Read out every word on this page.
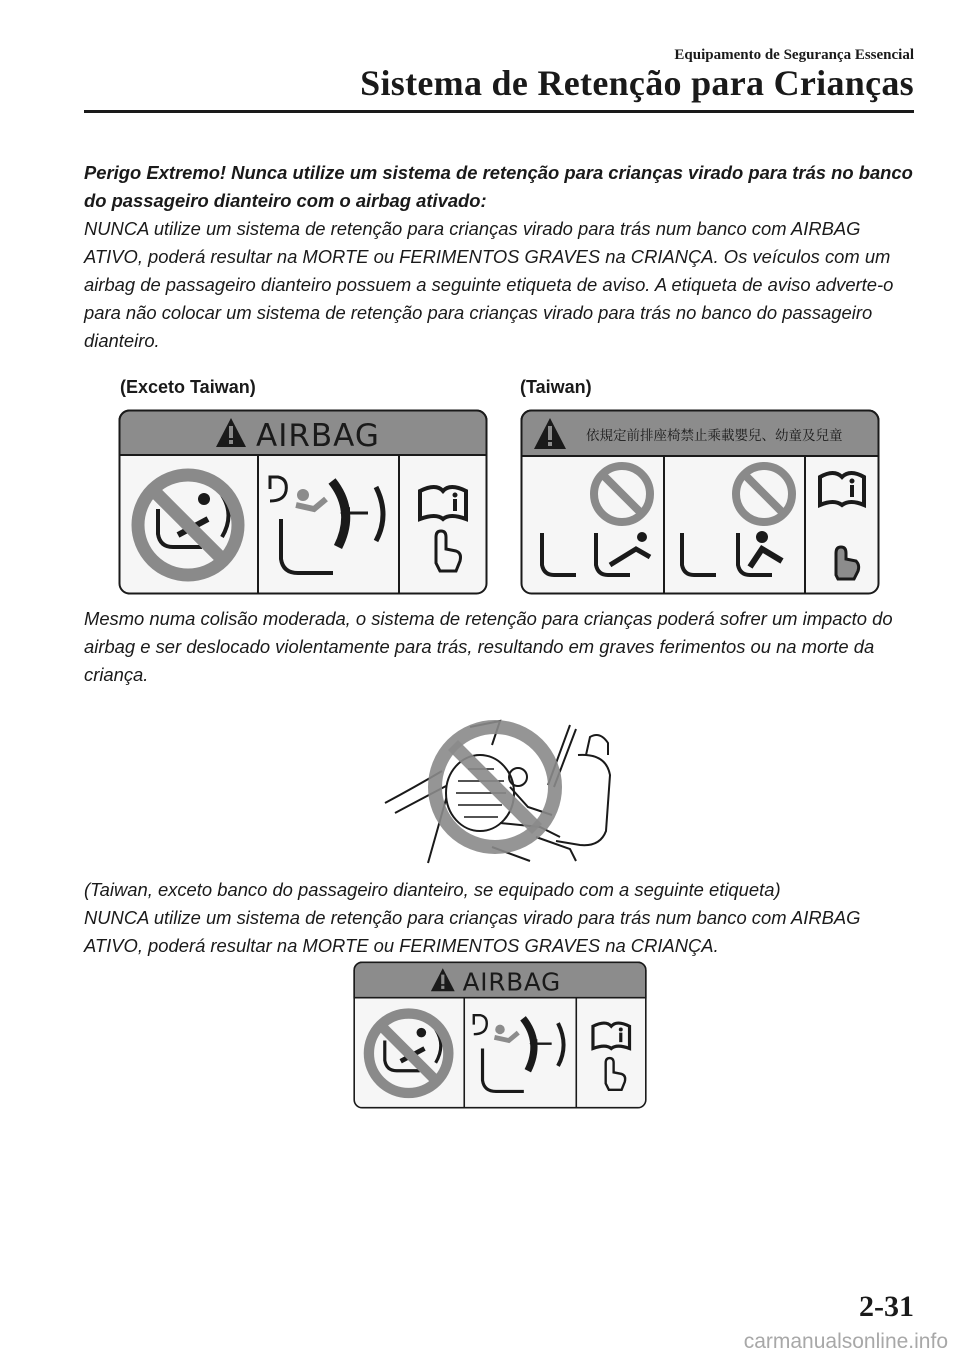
Equipamento de Segurança Essencial
Sistema de Retenção para Crianças

Perigo Extremo! Nunca utilize um sistema de retenção para crianças virado para trás no banco do passageiro dianteiro com o airbag ativado:

NUNCA utilize um sistema de retenção para crianças virado para trás num banco com AIRBAG ATIVO, poderá resultar na MORTE ou FERIMENTOS GRAVES na CRIANÇA. Os veículos com um airbag de passageiro dianteiro possuem a seguinte etiqueta de aviso. A etiqueta de aviso adverte-o para não colocar um sistema de retenção para crianças virado para trás no banco do passageiro dianteiro.

(Exceto Taiwan)	(Taiwan)
AIRBAG	依規定前排座椅禁止乘載嬰兒、幼童及兒童

Mesmo numa colisão moderada, o sistema de retenção para crianças poderá sofrer um impacto do airbag e ser deslocado violentamente para trás, resultando em graves ferimentos ou na morte da criança.

(Taiwan, exceto banco do passageiro dianteiro, se equipado com a seguinte etiqueta)

NUNCA utilize um sistema de retenção para crianças virado para trás num banco com AIRBAG ATIVO, poderá resultar na MORTE ou FERIMENTOS GRAVES na CRIANÇA.

AIRBAG
2-31
carmanualsonline.info
